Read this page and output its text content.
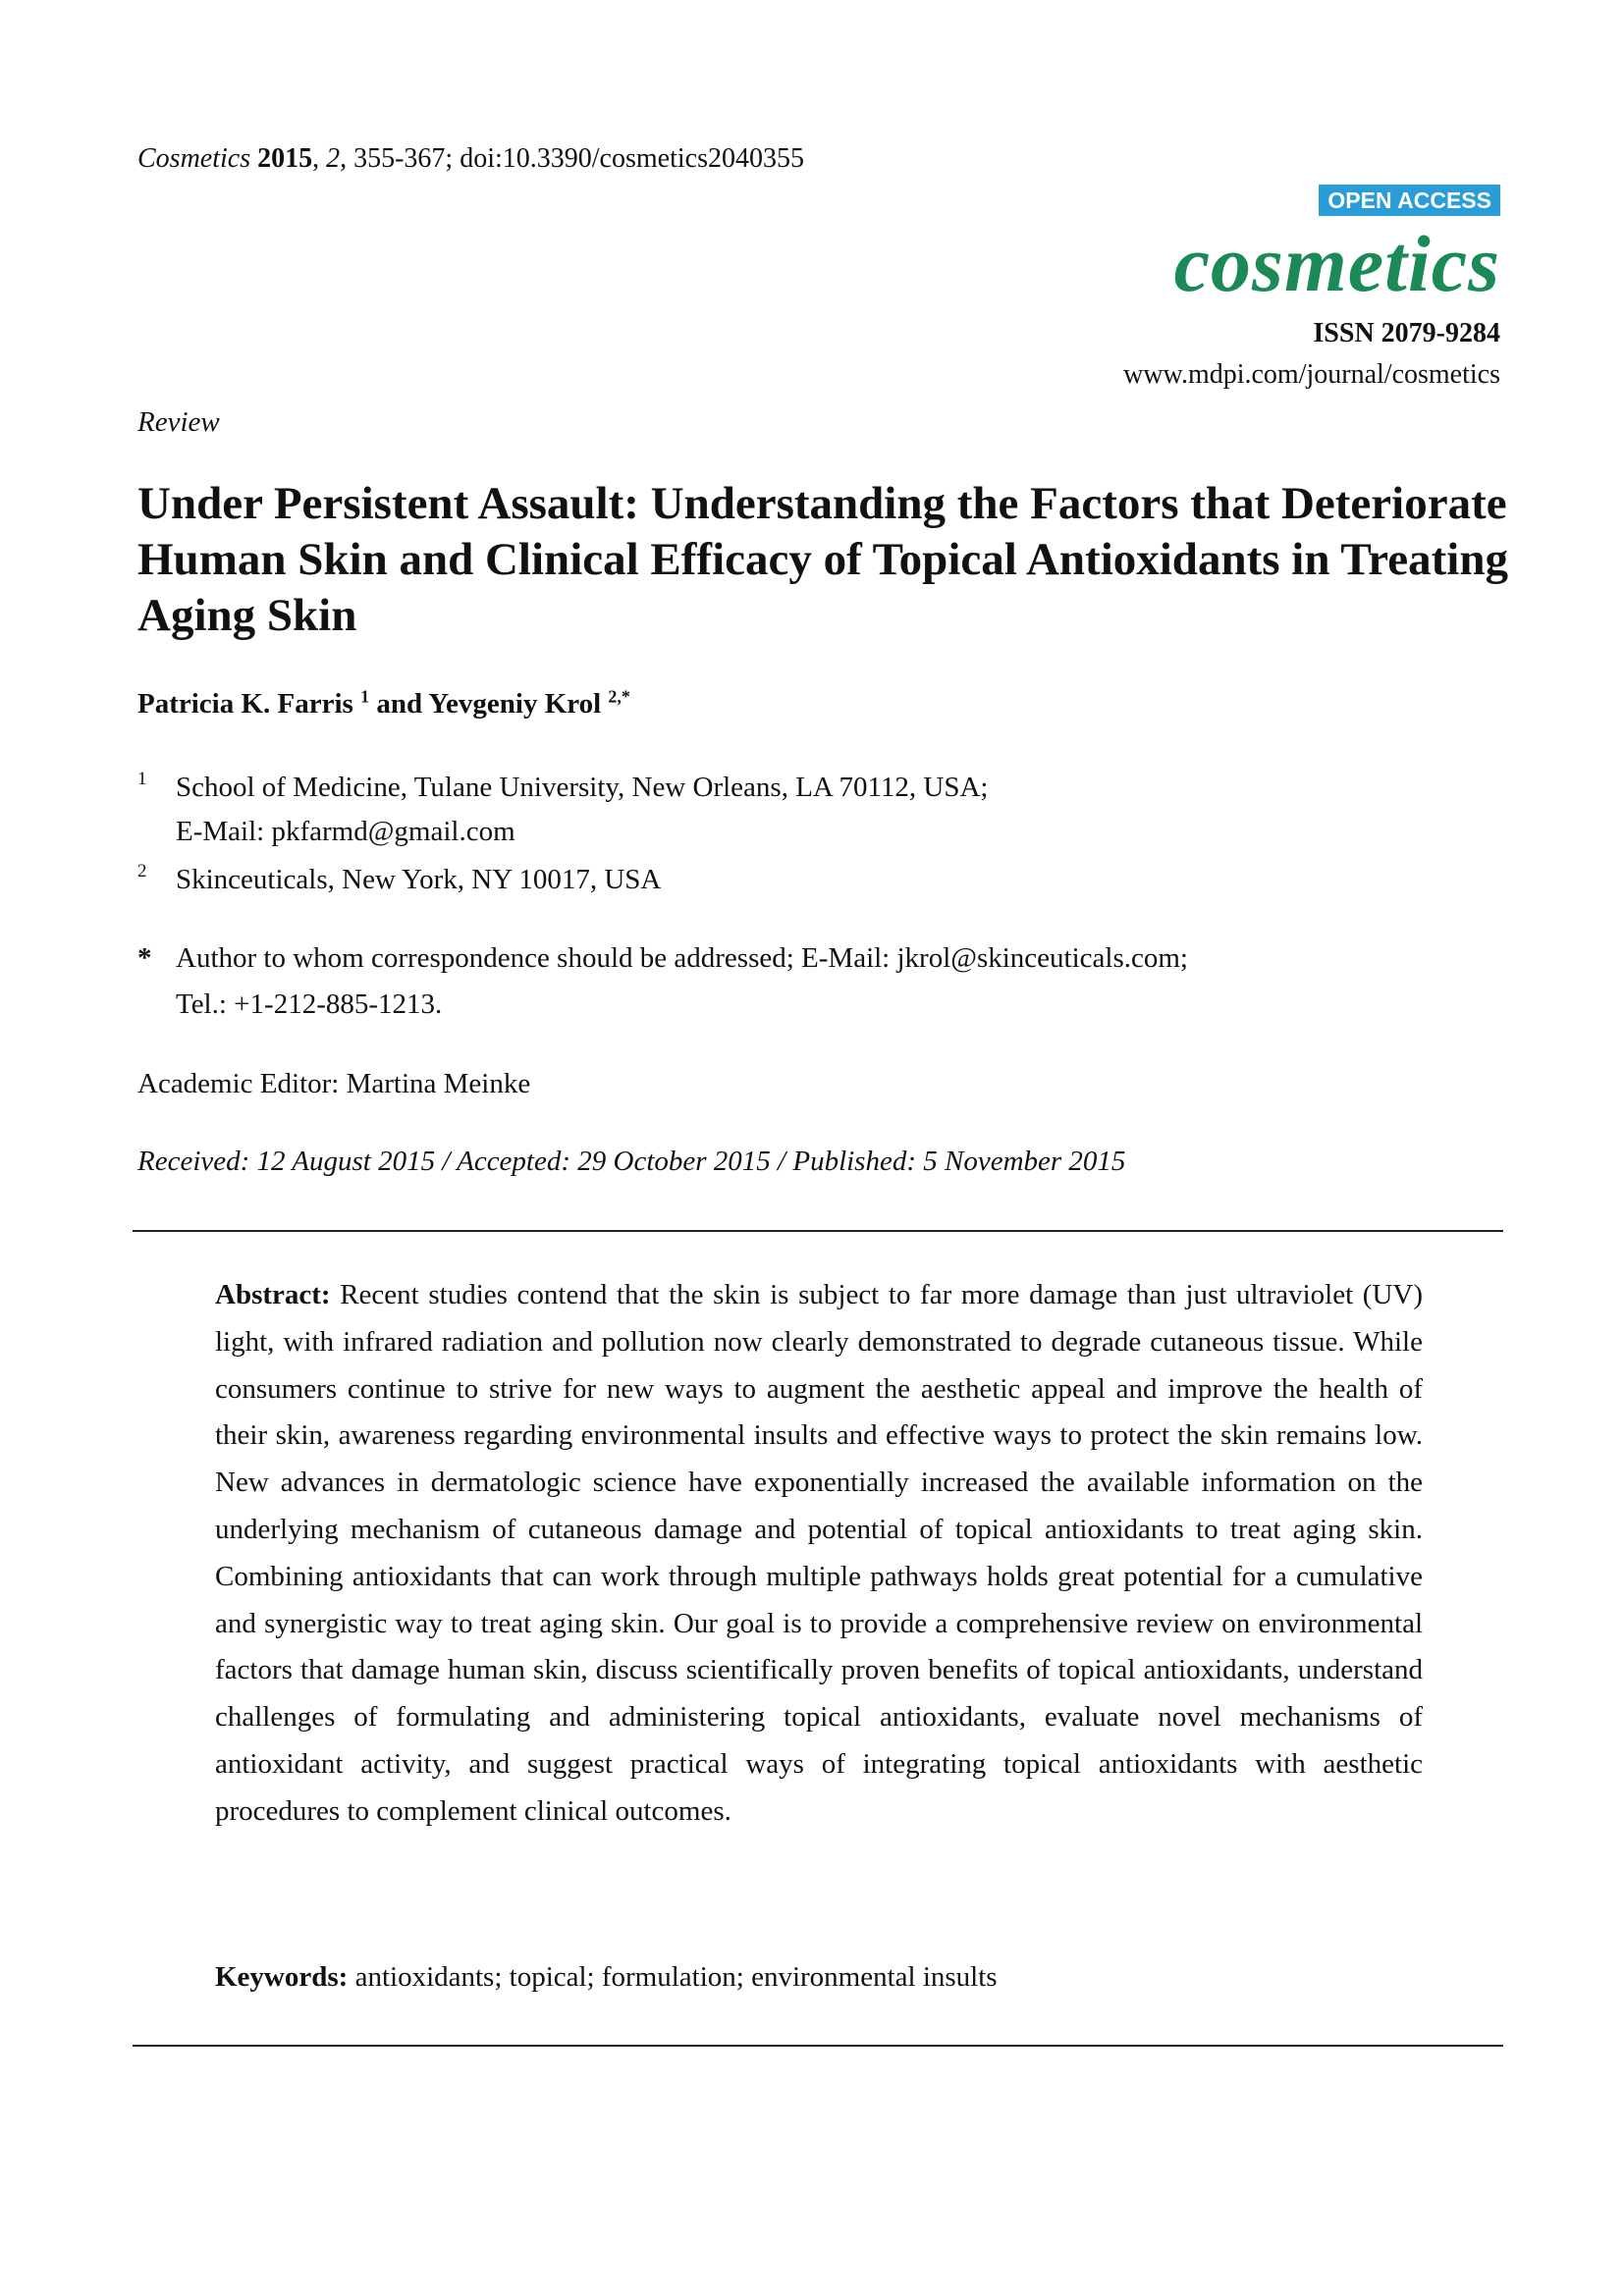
Cosmetics 2015, 2, 355-367; doi:10.3390/cosmetics2040355
OPEN ACCESS
cosmetics
ISSN 2079-9284
www.mdpi.com/journal/cosmetics
Review
Under Persistent Assault: Understanding the Factors that Deteriorate Human Skin and Clinical Efficacy of Topical Antioxidants in Treating Aging Skin
Patricia K. Farris $^1$ and Yevgeniy Krol $^{2,*}$
1 School of Medicine, Tulane University, New Orleans, LA 70112, USA;
E-Mail: pkfarmd@gmail.com
2 Skinceuticals, New York, NY 10017, USA
* Author to whom correspondence should be addressed; E-Mail: jkrol@skinceuticals.com;
Tel.: +1-212-885-1213.
Academic Editor: Martina Meinke
Received: 12 August 2015 / Accepted: 29 October 2015 / Published: 5 November 2015

Abstract: Recent studies contend that the skin is subject to far more damage than just ultraviolet (UV) light, with infrared radiation and pollution now clearly demonstrated to degrade cutaneous tissue. While consumers continue to strive for new ways to augment the aesthetic appeal and improve the health of their skin, awareness regarding environmental insults and effective ways to protect the skin remains low. New advances in dermatologic science have exponentially increased the available information on the underlying mechanism of cutaneous damage and potential of topical antioxidants to treat aging skin. Combining antioxidants that can work through multiple pathways holds great potential for a cumulative and synergistic way to treat aging skin. Our goal is to provide a comprehensive review on environmental factors that damage human skin, discuss scientifically proven benefits of topical antioxidants, understand challenges of formulating and administering topical antioxidants, evaluate novel mechanisms of antioxidant activity, and suggest practical ways of integrating topical antioxidants with aesthetic procedures to complement clinical outcomes.

Keywords: antioxidants; topical; formulation; environmental insults
